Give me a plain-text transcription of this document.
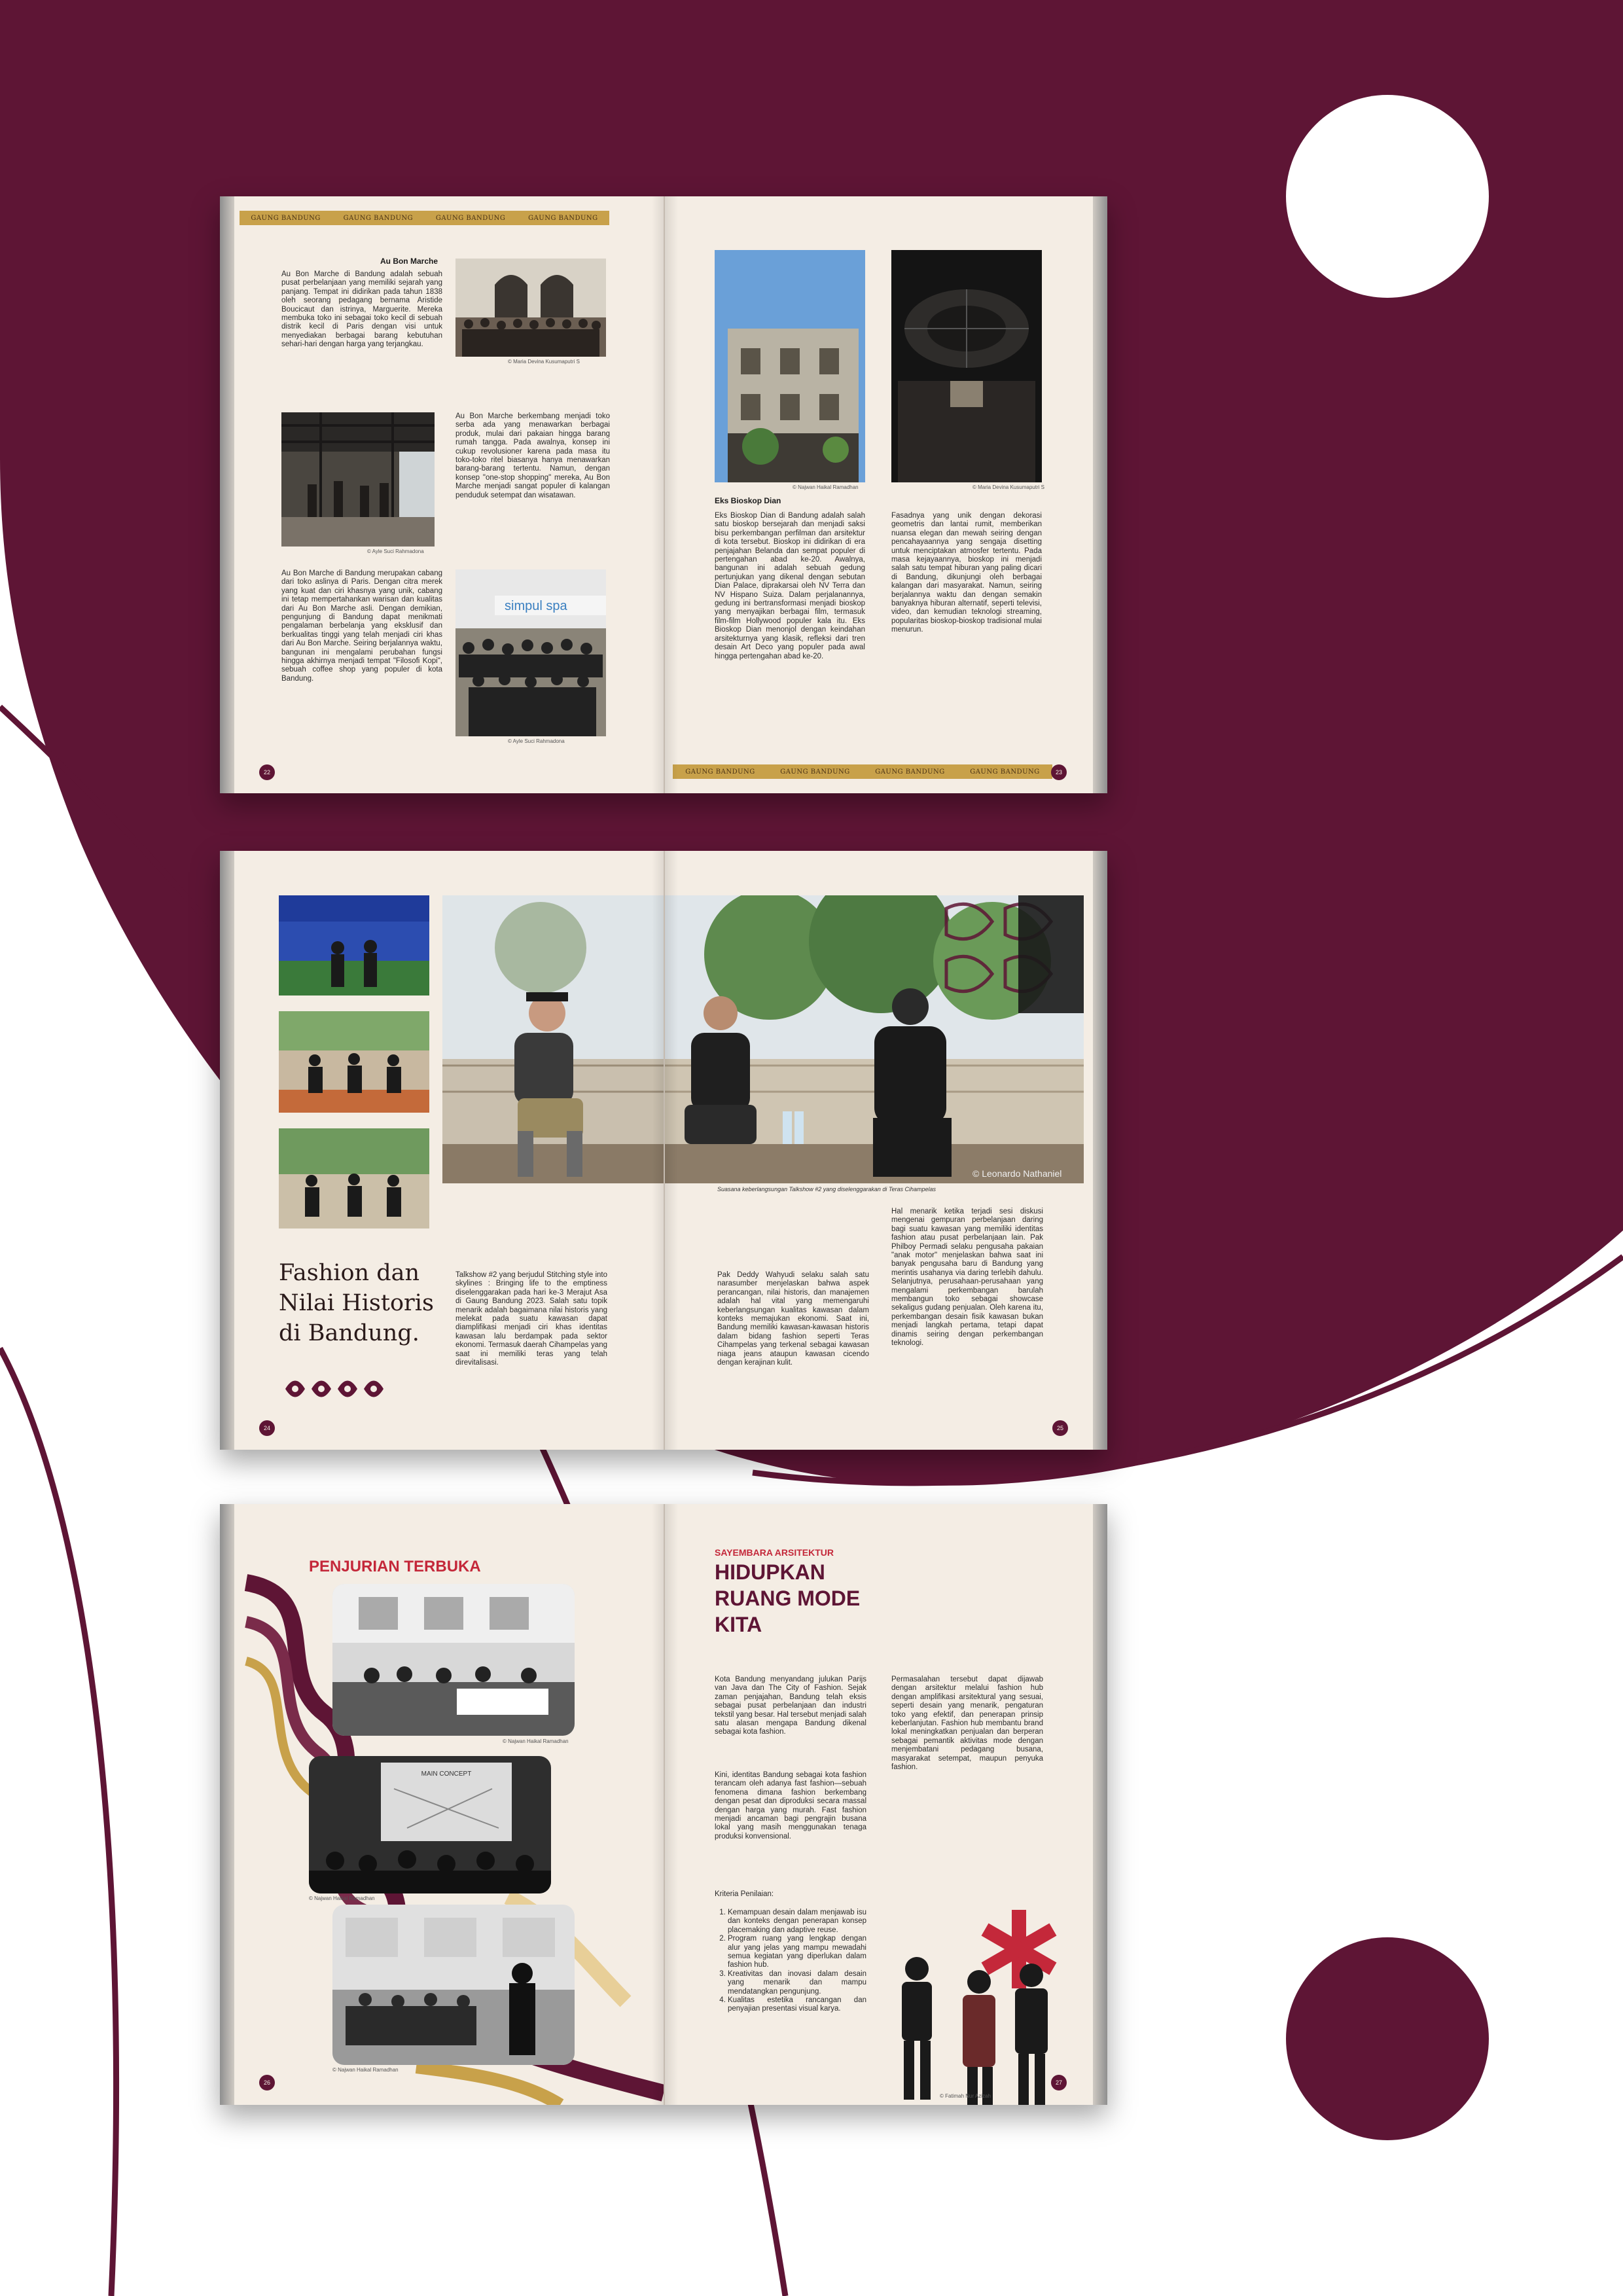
GAUNG BANDUNG	GAUNG BANDUNG	GAUNG BANDUNG	GAUNG BANDUNG

Au Bon Marche

Au Bon Marche di Bandung adalah sebuah pusat perbelanjaan yang memiliki sejarah yang panjang. Tempat ini didirikan pada tahun 1838 oleh seorang pedagang bernama Aristide Boucicaut dan istrinya, Marguerite. Mereka membuka toko ini sebagai toko kecil di sebuah distrik kecil di Paris dengan visi untuk menyediakan berbagai barang kebutuhan sehari-hari dengan harga yang terjangkau.

Au Bon Marche berkembang menjadi toko serba ada yang menawarkan berbagai produk, mulai dari pakaian hingga barang rumah tangga. Pada awalnya, konsep ini cukup revolusioner karena pada masa itu toko-toko ritel biasanya hanya menawarkan barang-barang tertentu. Namun, dengan konsep "one-stop shopping" mereka, Au Bon Marche menjadi sangat populer di kalangan penduduk setempat dan wisatawan.

Au Bon Marche di Bandung merupakan cabang dari toko aslinya di Paris. Dengan citra merek yang kuat dan ciri khasnya yang unik, cabang ini tetap mempertahankan warisan dan kualitas dari Au Bon Marche asli. Dengan demikian, pengunjung di Bandung dapat menikmati pengalaman berbelanja yang eksklusif dan berkualitas tinggi yang telah menjadi ciri khas dari Au Bon Marche. Seiring berjalannya waktu, bangunan ini mengalami perubahan fungsi hingga akhirnya menjadi tempat "Filosofi Kopi", sebuah coffee shop yang populer di kota Bandung.

© Maria Devina Kusumaputri S
© Ayle Suci Rahmadona
simpul spa
© Ayle Suci Rahmadona
22
© Najwan Haikal Ramadhan	© Maria Devina Kusumaputri S

Eks Bioskop Dian

Eks Bioskop Dian di Bandung adalah salah satu bioskop bersejarah dan menjadi saksi bisu perkembangan perfilman dan arsitektur di kota tersebut. Bioskop ini didirikan di era penjajahan Belanda dan sempat populer di pertengahan abad ke-20. Awalnya, bangunan ini adalah sebuah gedung pertunjukan yang dikenal dengan sebutan Dian Palace, diprakarsai oleh NV Terra dan NV Hispano Suiza. Dalam perjalanannya, gedung ini bertransformasi menjadi bioskop yang menyajikan berbagai film, termasuk film-film Hollywood populer kala itu. Eks Bioskop Dian menonjol dengan keindahan arsitekturnya yang klasik, refleksi dari tren desain Art Deco yang populer pada awal hingga pertengahan abad ke-20.

Fasadnya yang unik dengan dekorasi geometris dan lantai rumit, memberikan nuansa elegan dan mewah seiring dengan pencahayaannya yang sengaja disetting untuk menciptakan atmosfer tertentu. Pada masa kejayaannya, bioskop ini menjadi salah satu tempat hiburan yang paling dicari di Bandung, dikunjungi oleh berbagai kalangan dari masyarakat. Namun, seiring berjalannya waktu dan dengan semakin banyaknya hiburan alternatif, seperti televisi, video, dan kemudian teknologi streaming, popularitas bioskop-bioskop tradisional mulai menurun.

GAUNG BANDUNG	GAUNG BANDUNG	GAUNG BANDUNG	GAUNG BANDUNG	23

Fashion dan

Nilai Historis

di Bandung.

Talkshow #2 yang berjudul Stitching style into skylines : Bringing life to the emptiness diselenggarakan pada hari ke-3 Merajut Asa di Gaung Bandung 2023. Salah satu topik menarik adalah bagaimana nilai historis yang melekat pada suatu kawasan dapat diamplifikasi menjadi ciri khas identitas kawasan lalu berdampak pada sektor ekonomi. Termasuk daerah Cihampelas yang saat ini memiliki teras yang telah direvitalisasi.

24
© Leonardo Nathaniel
Suasana keberlangsungan Talkshow #2 yang diselenggarakan di Teras Cihampelas

Pak Deddy Wahyudi selaku salah satu narasumber menjelaskan bahwa aspek perancangan, nilai historis, dan manajemen adalah hal vital yang memengaruhi keberlangsungan kualitas kawasan dalam konteks memajukan ekonomi. Saat ini, Bandung memiliki kawasan-kawasan historis dalam bidang fashion seperti Teras Cihampelas yang terkenal sebagai kawasan niaga jeans ataupun kawasan cicendo dengan kerajinan kulit.

Hal menarik ketika terjadi sesi diskusi mengenai gempuran perbelanjaan daring bagi suatu kawasan yang memiliki identitas fashion atau pusat perbelanjaan lain. Pak Philboy Permadi selaku pengusaha pakaian "anak motor" menjelaskan bahwa saat ini banyak pengusaha baru di Bandung yang merintis usahanya via daring terlebih dahulu. Selanjutnya, perusahaan-perusahaan yang mengalami perkembangan barulah membangun toko sebagai showcase sekaligus gudang penjualan. Oleh karena itu, perkembangan desain fisik kawasan bukan menjadi langkah pertama, tetapi dapat dinamis seiring dengan perkembangan teknologi.

25

PENJURIAN TERBUKA

© Najwan Haikal Ramadhan
MAIN CONCEPT
© Najwan Haikal Ramadhan
© Najwan Haikal Ramadhan
26

SAYEMBARA ARSITEKTUR

HIDUPKAN

RUANG MODE

KITA

Kota Bandung menyandang julukan Parijs van Java dan The City of Fashion. Sejak zaman penjajahan, Bandung telah eksis sebagai pusat perbelanjaan dan industri tekstil yang besar. Hal tersebut menjadi salah satu alasan mengapa Bandung dikenal sebagai kota fashion.

Kini, identitas Bandung sebagai kota fashion terancam oleh adanya fast fashion—sebuah fenomena dimana fashion berkembang dengan pesat dan diproduksi secara massal dengan harga yang murah. Fast fashion menjadi ancaman bagi pengrajin busana lokal yang masih menggunakan tenaga produksi konvensional.

Kriteria Penilaian:

1. Kemampuan desain dalam menjawab isu dan konteks dengan penerapan konsep placemaking dan adaptive reuse.
2. Program ruang yang lengkap dengan alur yang jelas yang mampu mewadahi semua kegiatan yang diperlukan dalam fashion hub.
3. Kreativitas dan inovasi dalam desain yang menarik dan mampu mendatangkan pengunjung.
4. Kualitas estetika rancangan dan penyajian presentasi visual karya.

Permasalahan tersebut dapat dijawab dengan arsitektur melalui fashion hub dengan amplifikasi arsitektural yang sesuai, seperti desain yang menarik, pengaturan toko yang efektif, dan penerapan prinsip keberlanjutan. Fashion hub membantu brand lokal meningkatkan penjualan dan berperan sebagai pemantik aktivitas mode dengan menjembatani pedagang busana, masyarakat setempat, maupun penyuka fashion.

© Fatimah Nur Azizah
27
